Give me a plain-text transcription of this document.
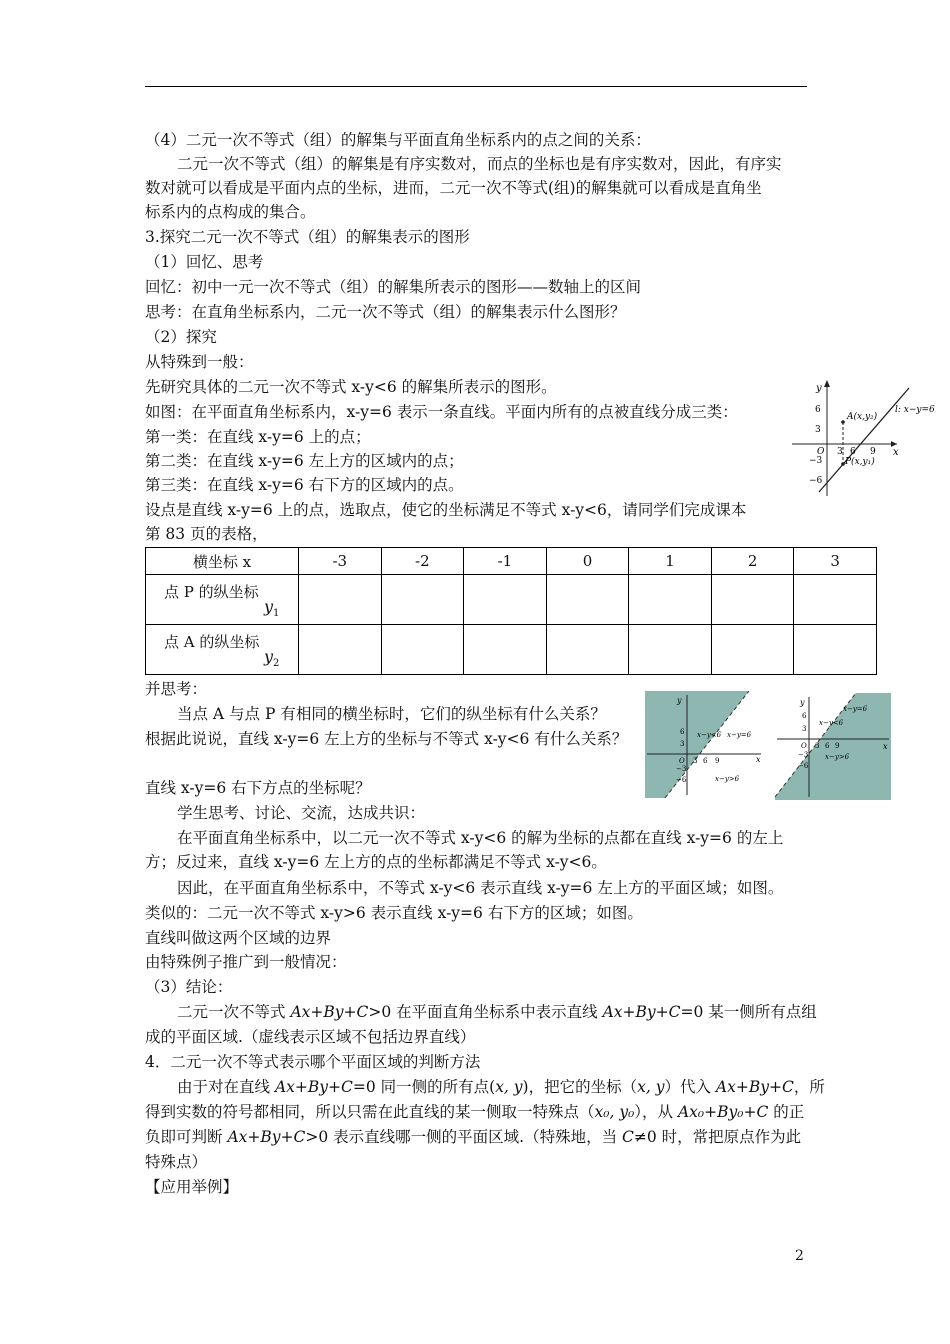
（4）二元一次不等式（组）的解集与平面直角坐标系内的点之间的关系：
二元一次不等式（组）的解集是有序实数对，而点的坐标也是有序实数对，因此，有序实
数对就可以看成是平面内点的坐标，进而，二元一次不等式(组)的解集就可以看成是直角坐
标系内的点构成的集合。
3.探究二元一次不等式（组）的解集表示的图形
（1）回忆、思考
回忆：初中一元一次不等式（组）的解集所表示的图形——数轴上的区间
思考：在直角坐标系内，二元一次不等式（组）的解集表示什么图形？
（2）探究
从特殊到一般：
先研究具体的二元一次不等式 x-y<6 的解集所表示的图形。
如图：在平面直角坐标系内，x-y=6 表示一条直线。平面内所有的点被直线分成三类：
第一类：在直线 x-y=6 上的点；
第二类：在直线 x-y=6 左上方的区域内的点；
第三类：在直线 x-y=6 右下方的区域内的点。
设点是直线 x-y=6 上的点，选取点，使它的坐标满足不等式 x-y<6，请同学们完成课本
第 83 页的表格，
y
x
O
6
3
−3
−6
3 6 9
A(x,y₂)
P(x,y₁)
l: x−y=6
横坐标 x	-3	-2	-1	0	1	2	3

点 P 的纵坐标
$y_1$

点 A 的纵坐标
$y_2$

并思考：
当点 A 与点 P 有相同的横坐标时，它们的纵坐标有什么关系？
根据此说说，直线 x-y=6 左上方的坐标与不等式 x-y<6 有什么关系？
y
x
O
6
3
−3
−6
3 6 9
x−y<6 x−y=6
x−y>6
y
x
O
6
3
−3
−6
3 6 9
x−y>6
x−y=6
x−y<6
直线 x-y=6 右下方点的坐标呢？
学生思考、讨论、交流，达成共识：
在平面直角坐标系中，以二元一次不等式 x-y<6 的解为坐标的点都在直线 x-y=6 的左上
方；反过来，直线 x-y=6 左上方的点的坐标都满足不等式 x-y<6。
因此，在平面直角坐标系中，不等式 x-y<6 表示直线 x-y=6 左上方的平面区域；如图。
类似的：二元一次不等式 x-y>6 表示直线 x-y=6 右下方的区域；如图。
直线叫做这两个区域的边界
由特殊例子推广到一般情况：
（3）结论：
二元一次不等式 Ax+By+C>0 在平面直角坐标系中表示直线 Ax+By+C=0 某一侧所有点组
成的平面区域.（虚线表示区域不包括边界直线）
4．二元一次不等式表示哪个平面区域的判断方法
由于对在直线 Ax+By+C=0 同一侧的所有点(x, y)，把它的坐标（x, y）代入 Ax+By+C，所
得到实数的符号都相同，所以只需在此直线的某一侧取一特殊点（x₀, y₀），从 Ax₀+By₀+C 的正
负即可判断 Ax+By+C>0 表示直线哪一侧的平面区域.（特殊地，当 C≠0 时，常把原点作为此
特殊点）
【应用举例】
2
